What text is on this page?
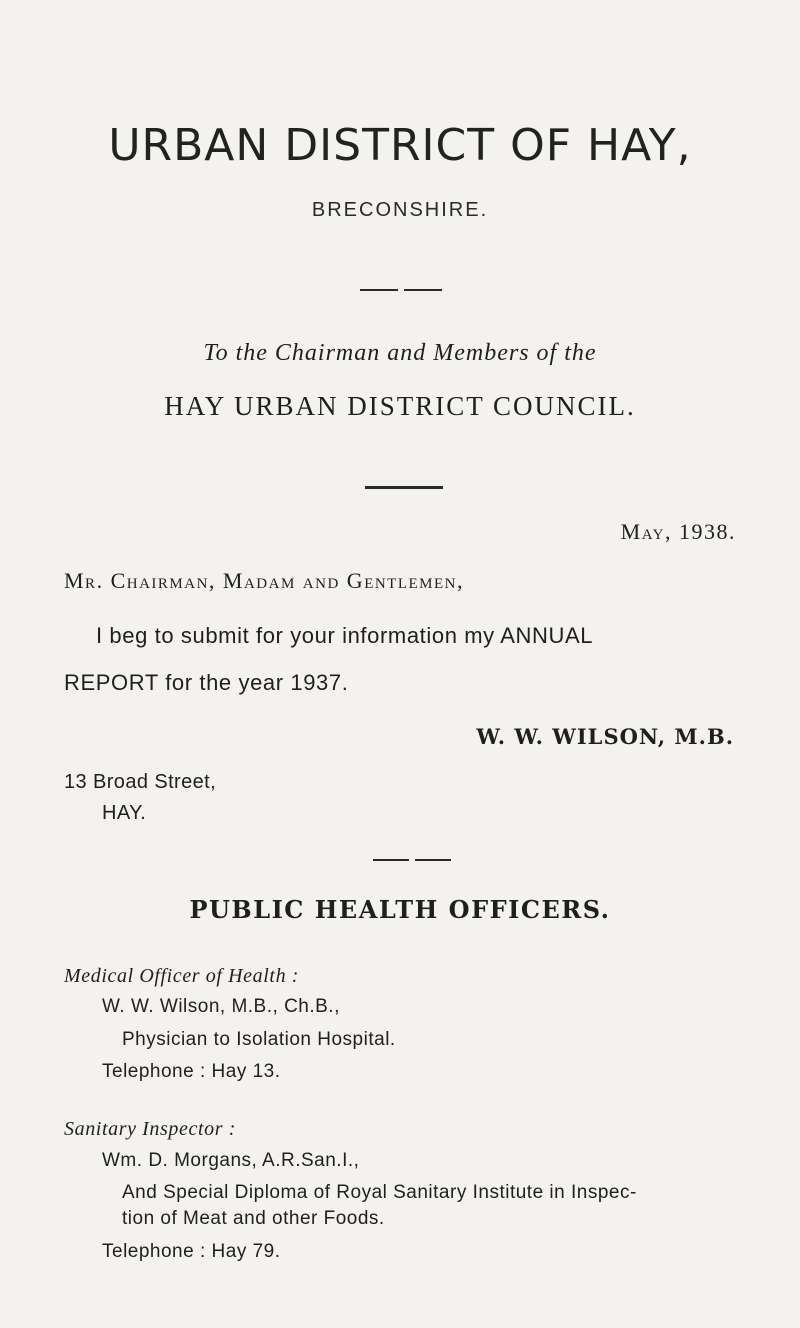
URBAN DISTRICT OF HAY,
BRECONSHIRE.
To the Chairman and Members of the
HAY URBAN DISTRICT COUNCIL.
May, 1938.
Mr. Chairman, Madam and Gentlemen,
I beg to submit for your information my ANNUAL
REPORT for the year 1937.
W. W. WILSON, M.B.
13 Broad Street,
HAY.
PUBLIC HEALTH OFFICERS.
Medical Officer of Health :
W. W. Wilson, M.B., Ch.B.,
Physician to Isolation Hospital.
Telephone : Hay 13.
Sanitary Inspector :
Wm. D. Morgans, A.R.San.I.,
And Special Diploma of Royal Sanitary Institute in Inspec-
tion of Meat and other Foods.
Telephone : Hay 79.
